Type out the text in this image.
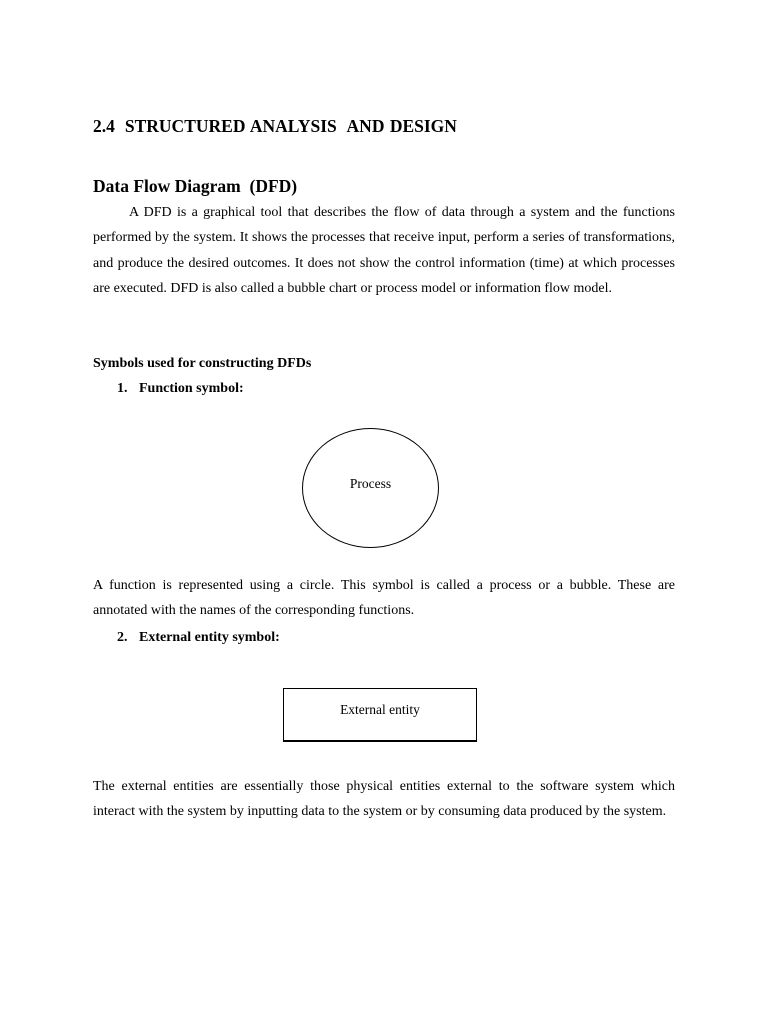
2.4 STRUCTURED ANALYSIS  AND DESIGN
Data Flow Diagram  (DFD)

A DFD is a graphical tool that describes the flow of data through a system and the functions performed by the system. It shows the processes that receive input, perform a series of transformations, and produce the desired outcomes. It does not show the control information (time) at which processes are executed. DFD is also called a bubble chart or process model or information flow model.

Symbols used for constructing DFDs
1. Function symbol:
Process

A function is represented using a circle. This symbol is called a process or a bubble. These are annotated with the names of the corresponding functions.

2. External entity symbol:
External entity

The external entities are essentially those physical entities external to the software system which interact with the system by inputting data to the system or by consuming data produced by the system.
